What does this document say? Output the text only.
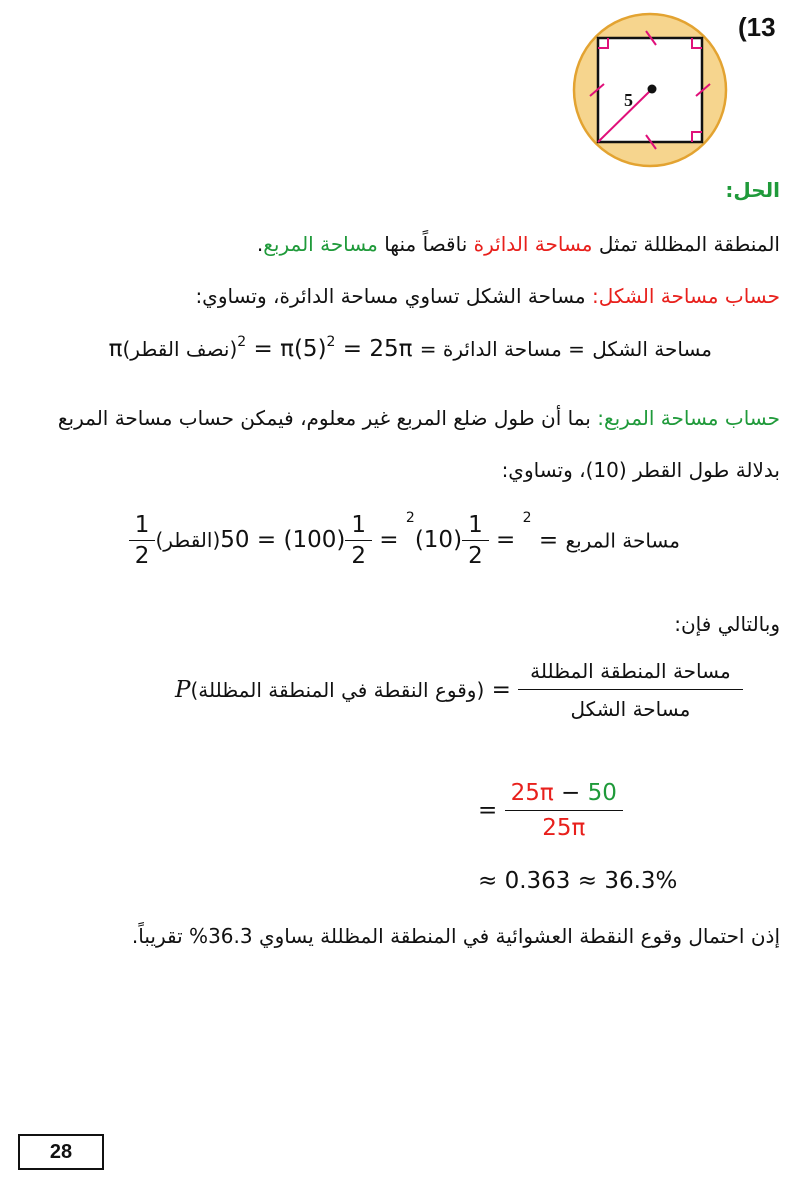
(13
5
الحل:
المنطقة المظللة تمثل مساحة الدائرة ناقصاً منها مساحة المربع.
حساب مساحة الشكل: مساحة الشكل تساوي مساحة الدائرة، وتساوي:
مساحة الشكل = مساحة الدائرة = π(نصف القطر)$^2$ = $\pi(5)^2 = 25\pi$
حساب مساحة المربع: بما أن طول ضلع المربع غير معلوم، فيمكن حساب مساحة المربع
بدلالة طول القطر (10)، وتساوي:
مساحة المربع =
$\frac{1}{2}$ (القطر)$^2$ =
$\frac{1}{2}$
$(10)^2$ =
$\frac{1}{2}$
(100) = 50
وبالتالي فإن:
P(وقوع النقطة في المنطقة المظللة) = $\frac{\text{مساحة المنطقة المظللة}}{\text{مساحة الشكل}}$
= $\frac{25\pi - 50}{25\pi}$
≈ 0.363 ≈ 36.3%
إذن احتمال وقوع النقطة العشوائية في المنطقة المظللة يساوي 36.3% تقريباً.
28
